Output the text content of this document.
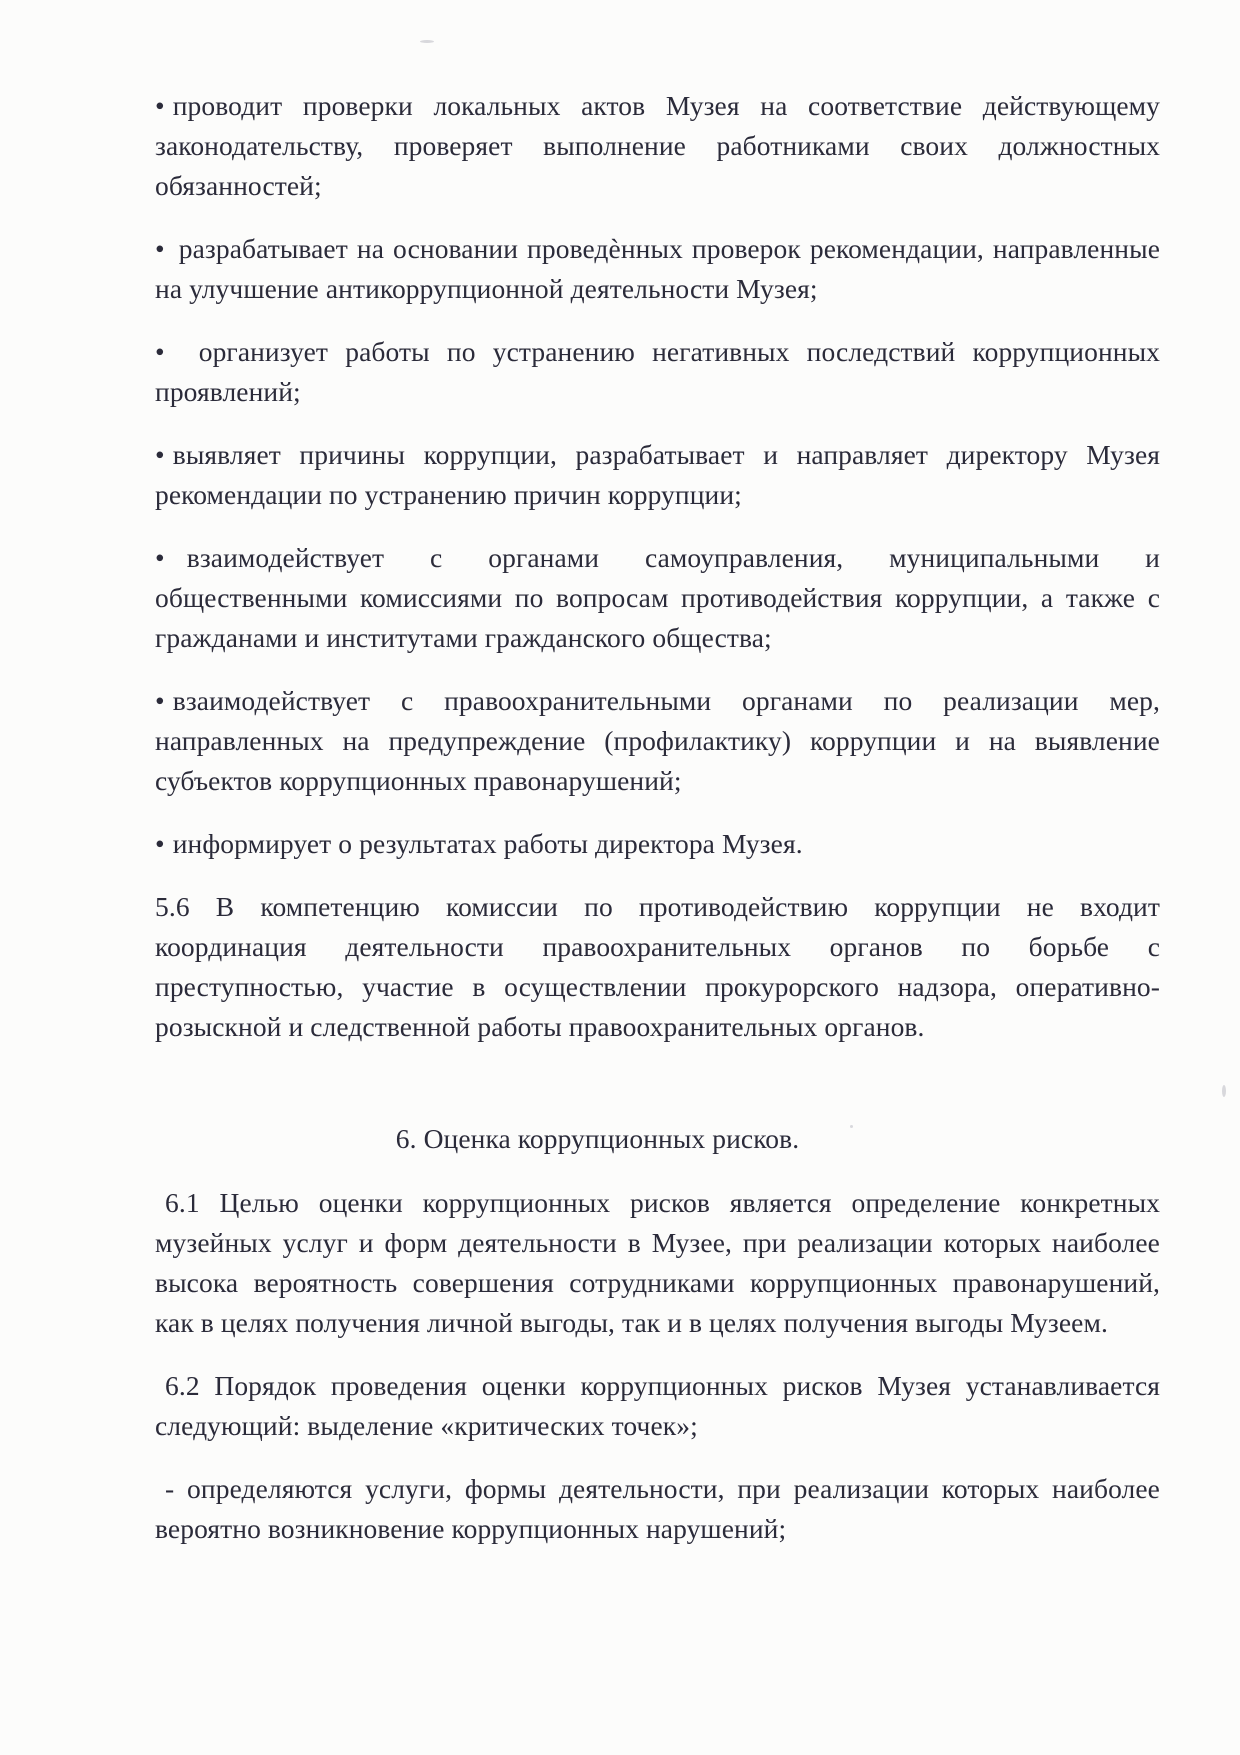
• проводит проверки локальных актов Музея на соответствие действующему законодательству, проверяет выполнение работниками своих должностных обязанностей;

• разрабатывает на основании проведѐнных проверок рекомендации, направленные на улучшение антикоррупционной деятельности Музея;

• организует работы по устранению негативных последствий коррупционных проявлений;

• выявляет причины коррупции, разрабатывает и направляет директору Музея рекомендации по устранению причин коррупции;

• взаимодействует с органами самоуправления, муниципальными и общественными комиссиями по вопросам противодействия коррупции, а также с гражданами и институтами гражданского общества;

• взаимодействует с правоохранительными органами по реализации мер, направленных на предупреждение (профилактику) коррупции и на выявление субъектов коррупционных правонарушений;

• информирует о результатах работы директора Музея.

5.6 В компетенцию комиссии по противодействию коррупции не входит координация деятельности правоохранительных органов по борьбе с преступностью, участие в осуществлении прокурорского надзора, оперативно-розыскной и следственной работы правоохранительных органов.

6. Оценка коррупционных рисков.

6.1 Целью оценки коррупционных рисков является определение конкретных музейных услуг и форм деятельности в Музее, при реализации которых наиболее высока вероятность совершения сотрудниками коррупционных правонарушений, как в целях получения личной выгоды, так и в целях получения выгоды Музеем.

6.2 Порядок проведения оценки коррупционных рисков Музея устанавливается следующий: выделение «критических точек»;

- определяются услуги, формы деятельности, при реализации которых наиболее вероятно возникновение коррупционных нарушений;
